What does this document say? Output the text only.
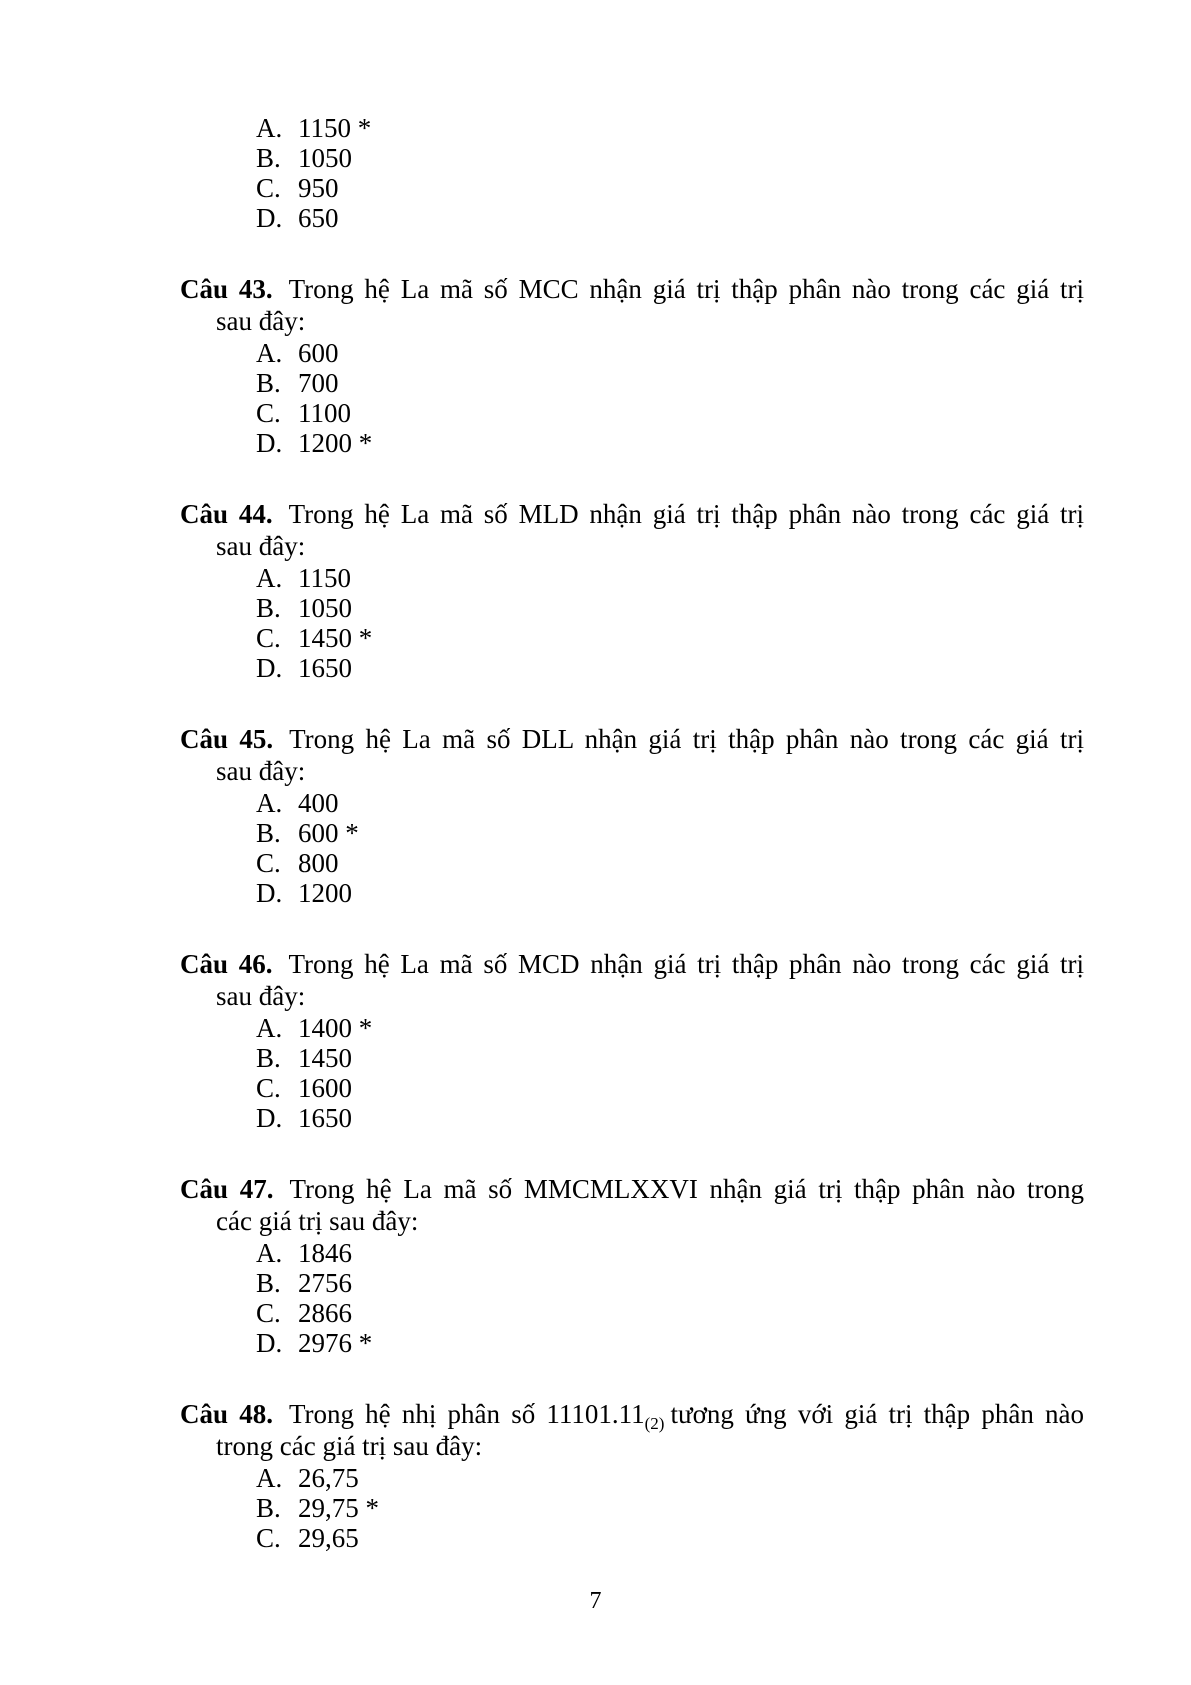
A. 1150 *
B. 1050
C. 950
D. 650
Câu 43. Trong hệ La mã số MCC nhận giá trị thập phân nào trong các giá trị
sau đây:
A. 600
B. 700
C. 1100
D. 1200 *
Câu 44. Trong hệ La mã số MLD nhận giá trị thập phân nào trong các giá trị
sau đây:
A. 1150
B. 1050
C. 1450 *
D. 1650
Câu 45. Trong hệ La mã số DLL nhận giá trị thập phân nào trong các giá trị
sau đây:
A. 400
B. 600 *
C. 800
D. 1200
Câu 46. Trong hệ La mã số MCD nhận giá trị thập phân nào trong các giá trị
sau đây:
A. 1400 *
B. 1450
C. 1600
D. 1650
Câu 47. Trong hệ La mã số MMCMLXXVI nhận giá trị thập phân nào trong
các giá trị sau đây:
A. 1846
B. 2756
C. 2866
D. 2976 *
Câu 48. Trong hệ nhị phân số $11101.11_{(2)}$ tương ứng với giá trị thập phân nào
trong các giá trị sau đây:
A. 26,75
B. 29,75 *
C. 29,65
7
